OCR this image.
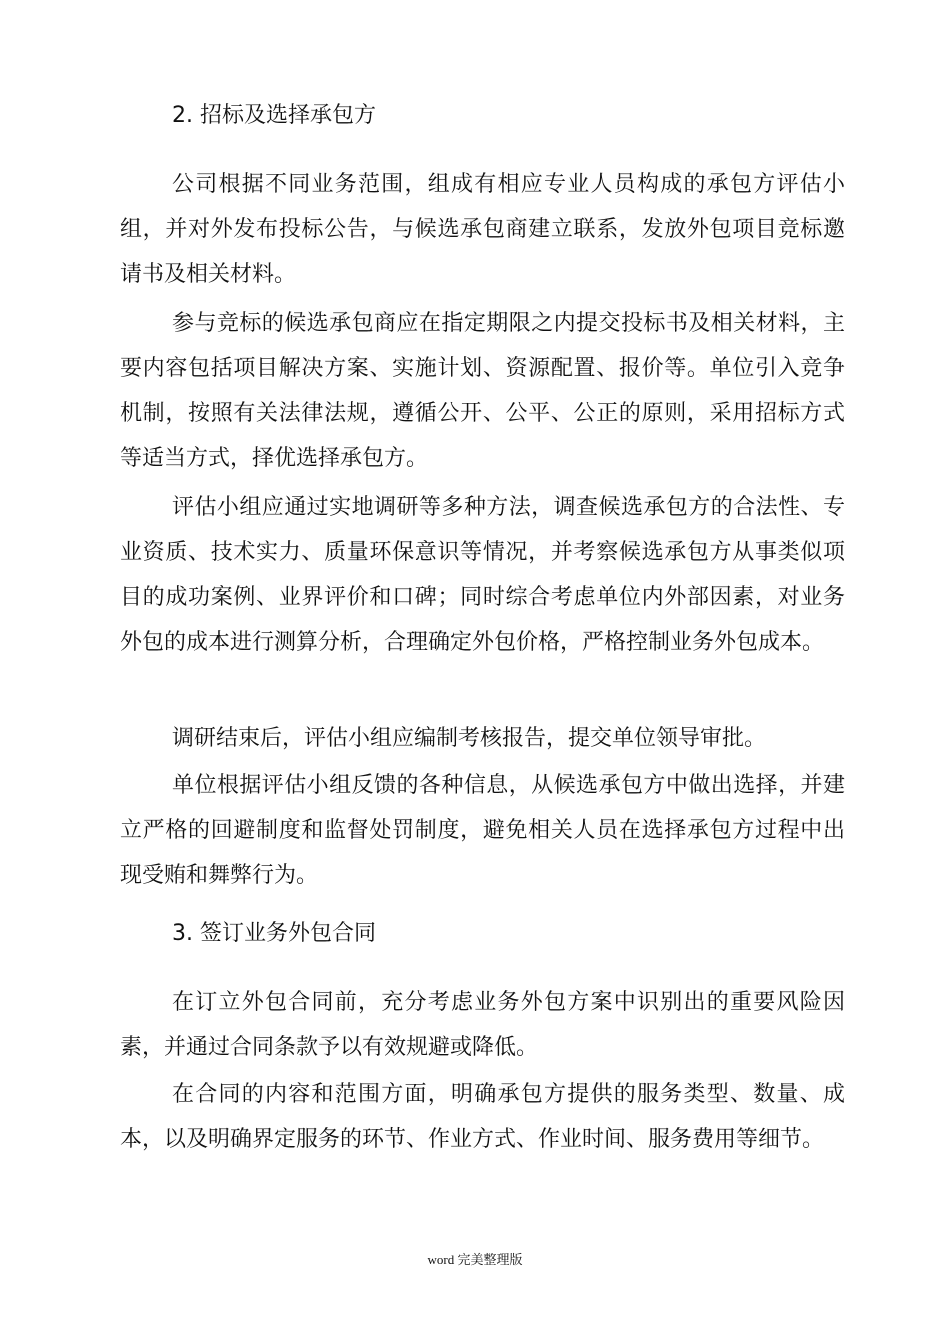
2. 招标及选择承包方

公司根据不同业务范围，组成有相应专业人员构成的承包方评估小组，并对外发布投标公告，与候选承包商建立联系，发放外包项目竞标邀请书及相关材料。

参与竞标的候选承包商应在指定期限之内提交投标书及相关材料，主要内容包括项目解决方案、实施计划、资源配置、报价等。单位引入竞争机制，按照有关法律法规，遵循公开、公平、公正的原则，采用招标方式等适当方式，择优选择承包方。

评估小组应通过实地调研等多种方法，调查候选承包方的合法性、专业资质、技术实力、质量环保意识等情况，并考察候选承包方从事类似项目的成功案例、业界评价和口碑；同时综合考虑单位内外部因素，对业务外包的成本进行测算分析，合理确定外包价格，严格控制业务外包成本。

调研结束后，评估小组应编制考核报告，提交单位领导审批。

单位根据评估小组反馈的各种信息，从候选承包方中做出选择，并建立严格的回避制度和监督处罚制度，避免相关人员在选择承包方过程中出现受贿和舞弊行为。

3. 签订业务外包合同

在订立外包合同前，充分考虑业务外包方案中识别出的重要风险因素，并通过合同条款予以有效规避或降低。

在合同的内容和范围方面，明确承包方提供的服务类型、数量、成本，以及明确界定服务的环节、作业方式、作业时间、服务费用等细节。

word 完美整理版
